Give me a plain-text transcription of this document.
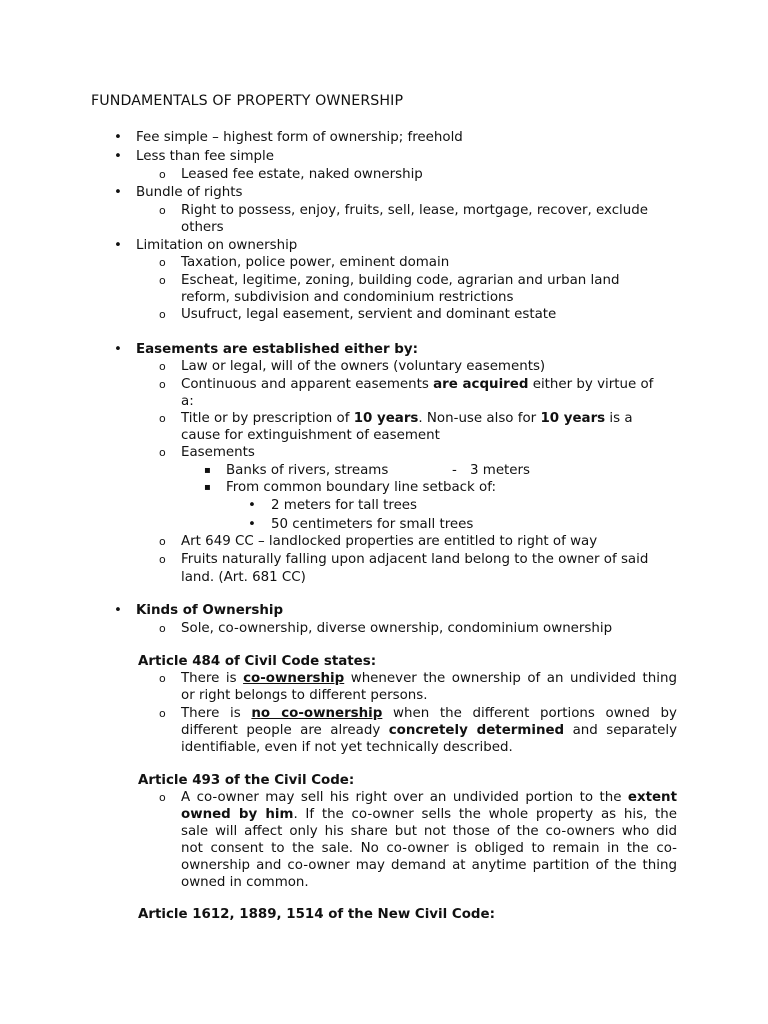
FUNDAMENTALS OF PROPERTY OWNERSHIP
• Fee simple – highest form of ownership; freehold
• Less than fee simple
o Leased fee estate, naked ownership
• Bundle of rights
o Right to possess, enjoy, fruits, sell, lease, mortgage, recover, exclude
others
• Limitation on ownership
o Taxation, police power, eminent domain
o Escheat, legitime, zoning, building code, agrarian and urban land
reform, subdivision and condominium restrictions
o Usufruct, legal easement, servient and dominant estate
• Easements are established either by:
o Law or legal, will of the owners (voluntary easements)
o Continuous and apparent easements are acquired either by virtue of
a:
o Title or by prescription of 10 years. Non-use also for 10 years is a
cause for extinguishment of easement
o Easements
▪ Banks of rivers, streams	- 3 meters
▪ From common boundary line setback of:
• 2 meters for tall trees
• 50 centimeters for small trees
o Art 649 CC – landlocked properties are entitled to right of way
o Fruits naturally falling upon adjacent land belong to the owner of said
land. (Art. 681 CC)
• Kinds of Ownership
o Sole, co-ownership, diverse ownership, condominium ownership
Article 484 of Civil Code states:
o There is co-ownership whenever the ownership of an undivided thing
or right belongs to different persons.
o There is no co-ownership when the different portions owned by
different people are already concretely determined and separately
identifiable, even if not yet technically described.
Article 493 of the Civil Code:
o A co-owner may sell his right over an undivided portion to the extent
owned by him. If the co-owner sells the whole property as his, the
sale will affect only his share but not those of the co-owners who did
not consent to the sale. No co-owner is obliged to remain in the co-
ownership and co-owner may demand at anytime partition of the thing
owned in common.
Article 1612, 1889, 1514 of the New Civil Code:
